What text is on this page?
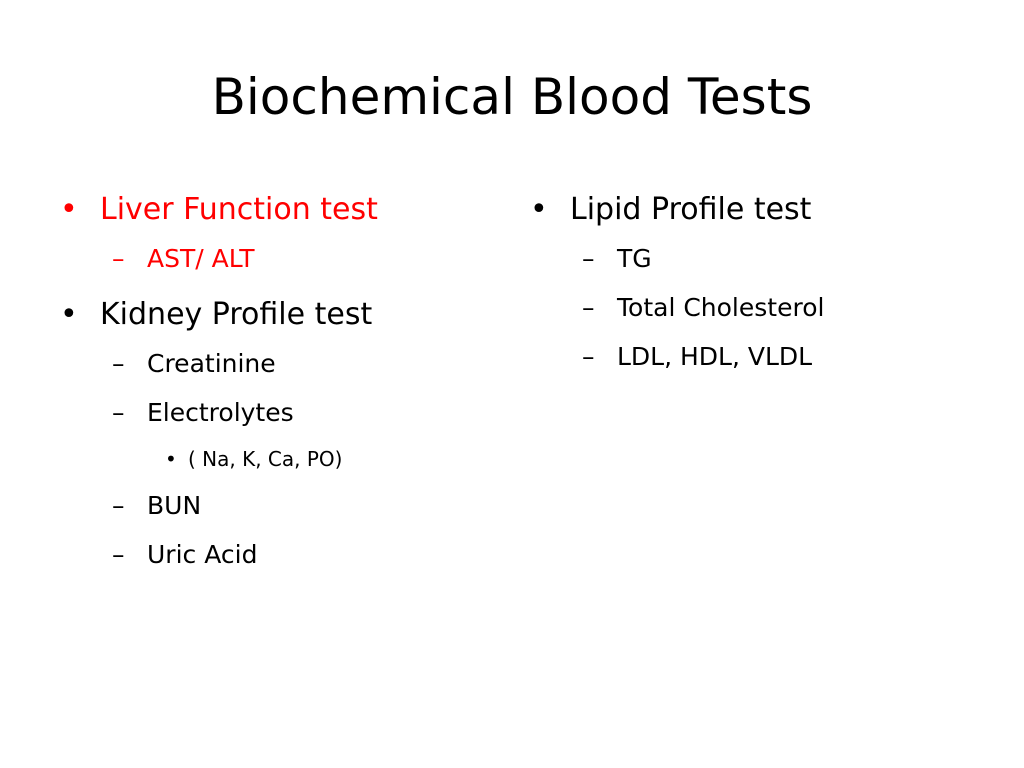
Biochemical Blood Tests
• Liver Function test
– AST/ ALT
• Kidney Profile test
– Creatinine
– Electrolytes
• ( Na, K, Ca, PO)
– BUN
– Uric Acid
• Lipid Profile test
– TG
– Total Cholesterol
– LDL, HDL, VLDL
